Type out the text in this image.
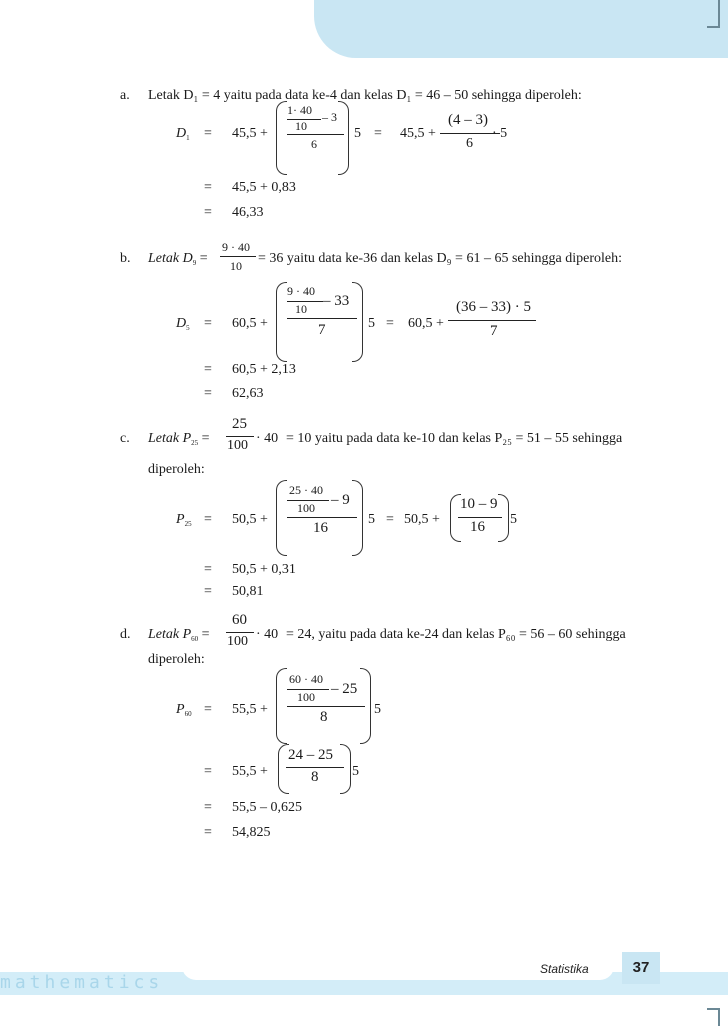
a. Letak D₁ = 4 yaitu pada data ke-4 dan kelas D₁ = 46 – 50 sehingga diperoleh:
$D_1 = 45,5$ +
1· 40 – 3
10
6
5 = 45,5 +
(4 – 3)
6
· 5
= 45,5 + 0,83
= 46,33
b. Letak $D_9$ =
9 · 40
10 = 36 yaitu data ke-36 dan kelas D₉ = 61 – 65 sehingga diperoleh:
$D_5 = 60,5$ +
9 · 40
– 33
10
7	5 = 60,5 +
(36 – 33) · 5
7
= 60,5 + 2,13
= 62,63
c. Letak $P_{25}$ =
25
100 · 40 = 10 yaitu pada data ke-10 dan kelas P₂₅ = 51 – 55 sehingga
diperoleh:
$P_{25} = 50,5$ +
25 · 40
– 9
100
16
5 = 50,5 +
10 – 9
16 5
= 50,5 + 0,31
= 50,81
d. Letak $P_{60}$ =
60
100 · 40 = 24, yaitu pada data ke-24 dan kelas P₆₀ = 56 – 60 sehingga
diperoleh:
$P_{60} = 55,5$ +
60 · 40
– 25
100
8	5
= 55,5 +
24 – 25
8 5
= 55,5 – 0,625
= 54,825
mathematics
Statistika	37
